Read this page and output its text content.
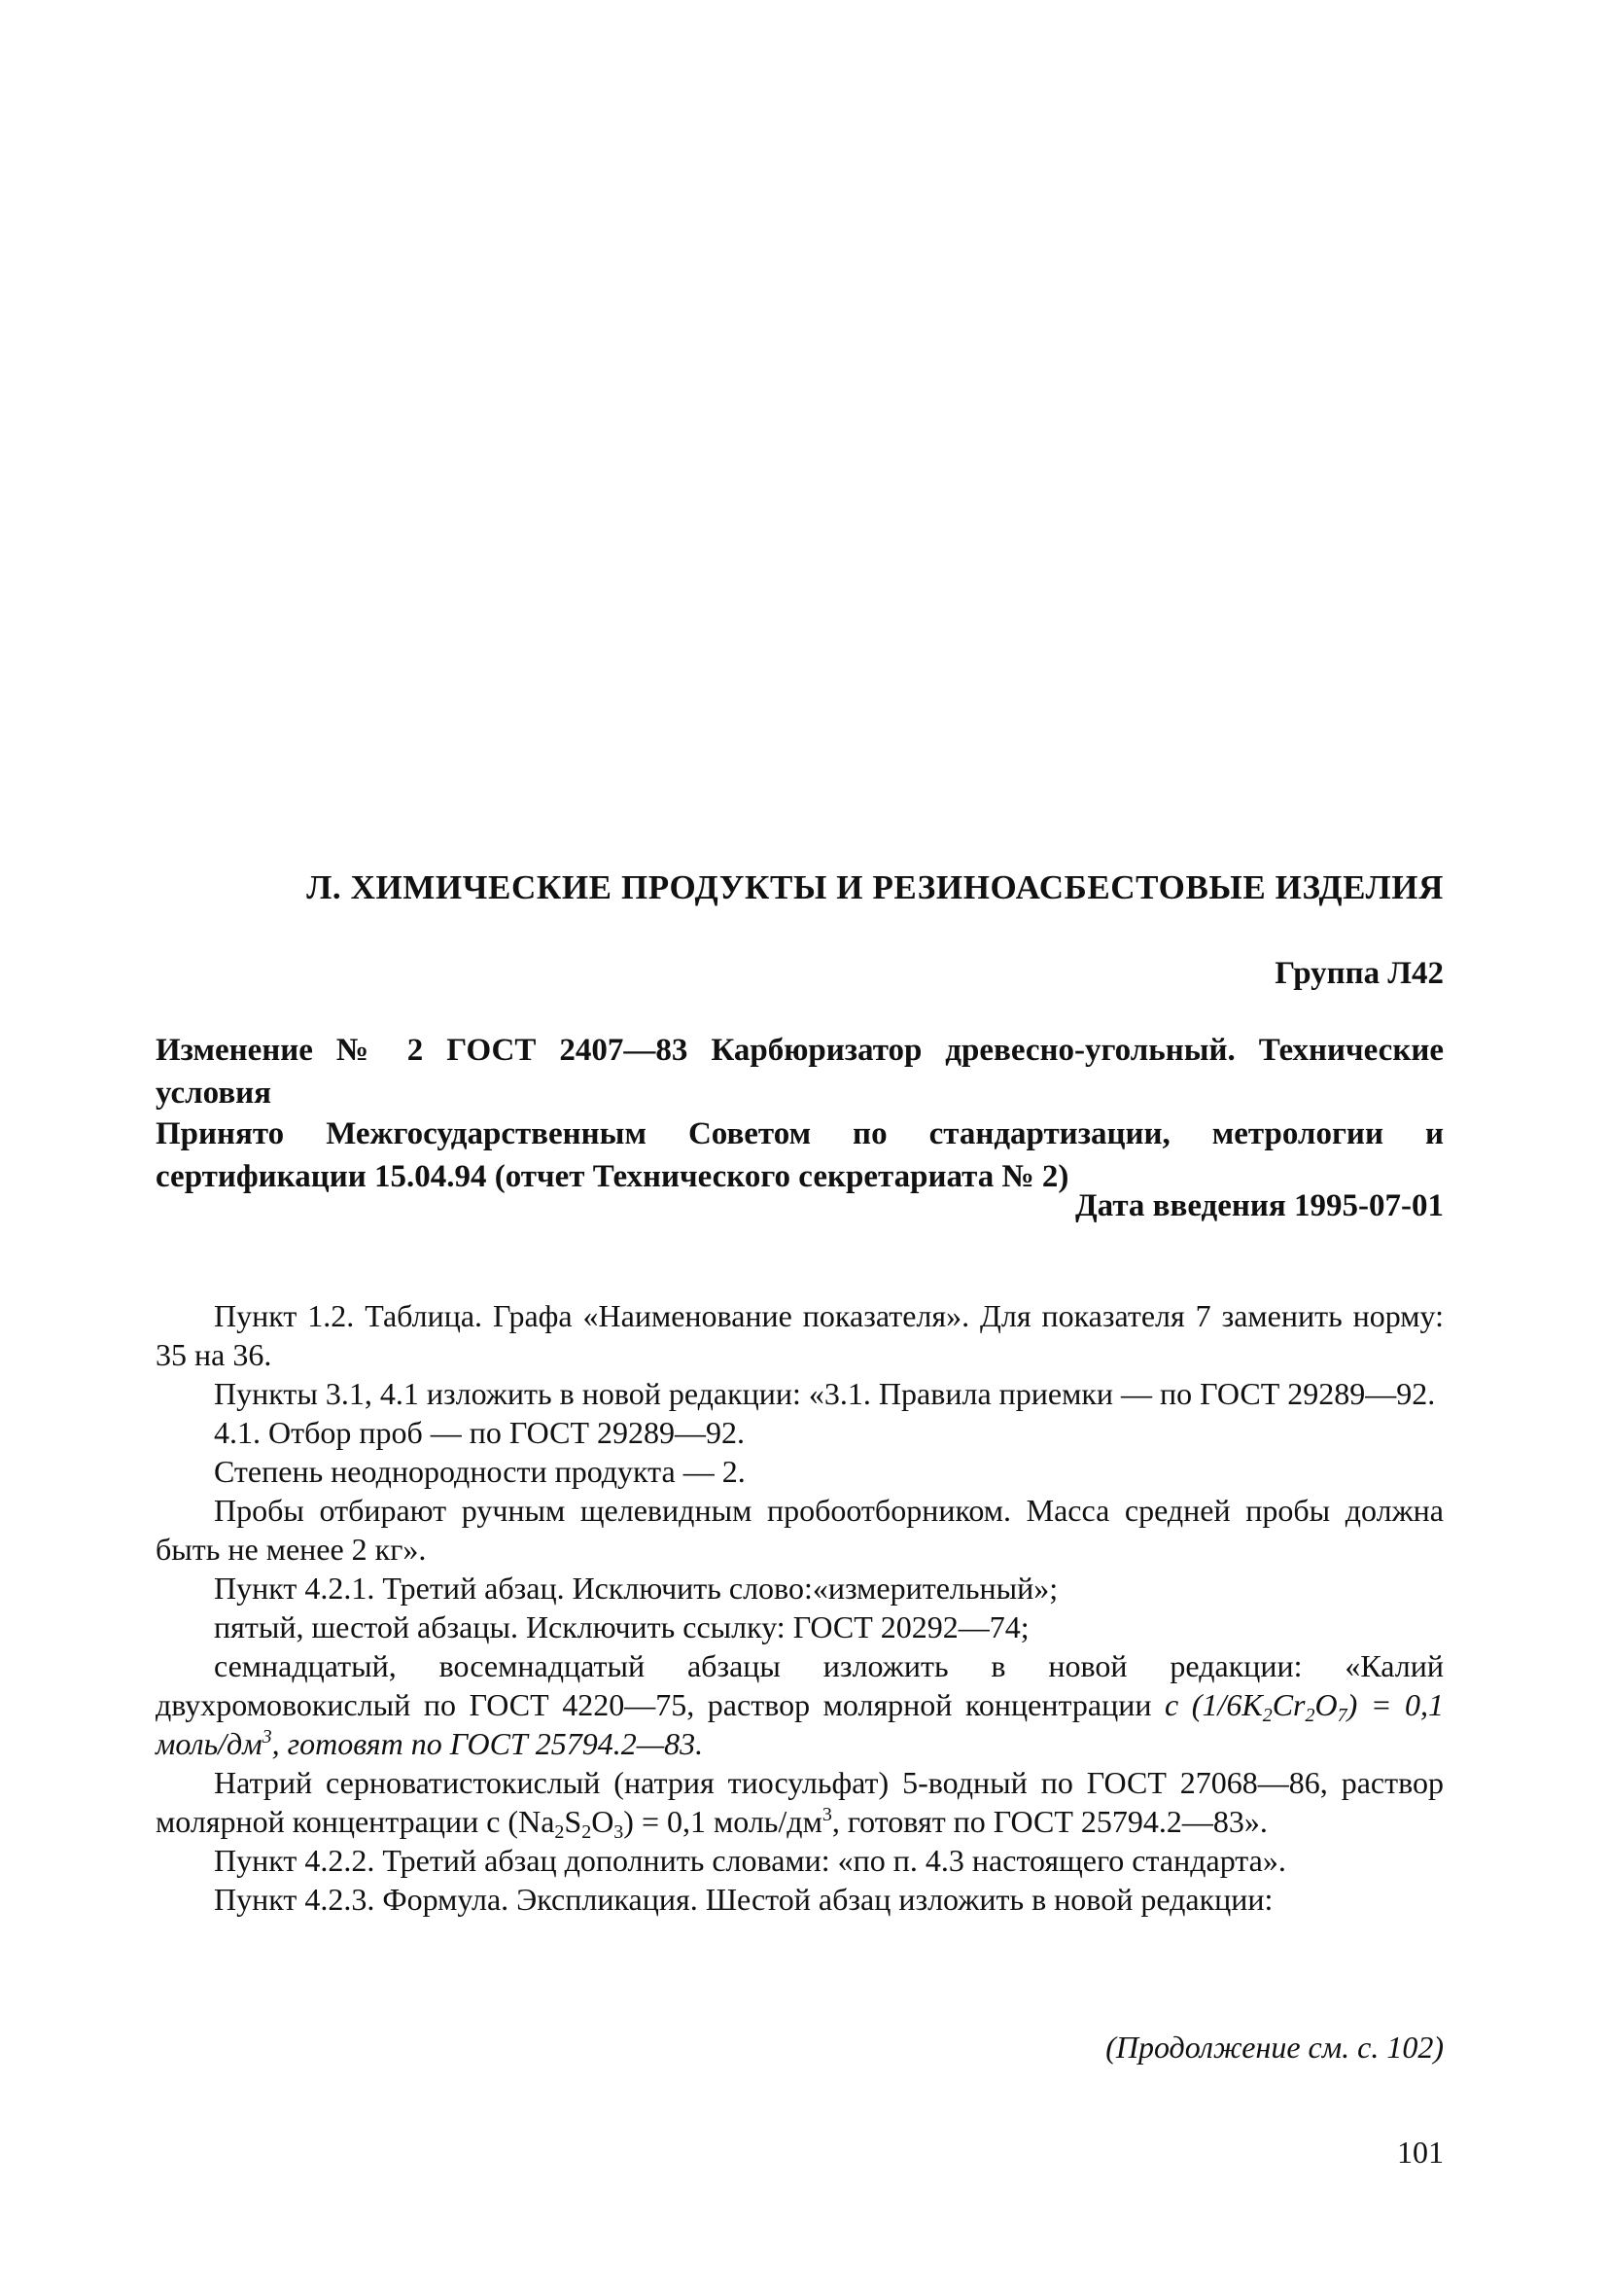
Л. ХИМИЧЕСКИЕ ПРОДУКТЫ И РЕЗИНОАСБЕСТОВЫЕ ИЗДЕЛИЯ
Группа Л42

Изменение № 2 ГОСТ 2407—83 Карбюризатор древесно-угольный. Технические условия

Принято Межгосударственным Советом по стандартизации, метрологии и сертификации 15.04.94 (отчет Технического секретариата № 2)

Дата введения 1995-07-01

Пункт 1.2. Таблица. Графа «Наименование показателя». Для показателя 7 заменить норму: 35 на 36.

Пункты 3.1, 4.1 изложить в новой редакции: «3.1. Правила приемки — по ГОСТ 29289—92.

4.1. Отбор проб — по ГОСТ 29289—92.

Степень неоднородности продукта — 2.

Пробы отбирают ручным щелевидным пробоотборником. Масса средней пробы должна быть не менее 2 кг».

Пункт 4.2.1. Третий абзац. Исключить слово:«измерительный»;

пятый, шестой абзацы. Исключить ссылку: ГОСТ 20292—74;

семнадцатый, восемнадцатый абзацы изложить в новой редакции: «Калий двухромовокислый по ГОСТ 4220—75, раствор молярной концентрации c $(1/6K_2Cr_2O_7) = 0,1$ моль/$дм^3$, готовят по ГОСТ 25794.2—83.

Натрий серноватистокислый (натрия тиосульфат) 5-водный по ГОСТ 27068—86, раствор молярной концентрации c $(Na_2S_2O_3) = 0,1$ моль/$дм^3$, готовят по ГОСТ 25794.2—83».

Пункт 4.2.2. Третий абзац дополнить словами: «по п. 4.3 настоящего стандарта».

Пункт 4.2.3. Формула. Экспликация. Шестой абзац изложить в новой редакции:

(Продолжение см. с. 102)
101
